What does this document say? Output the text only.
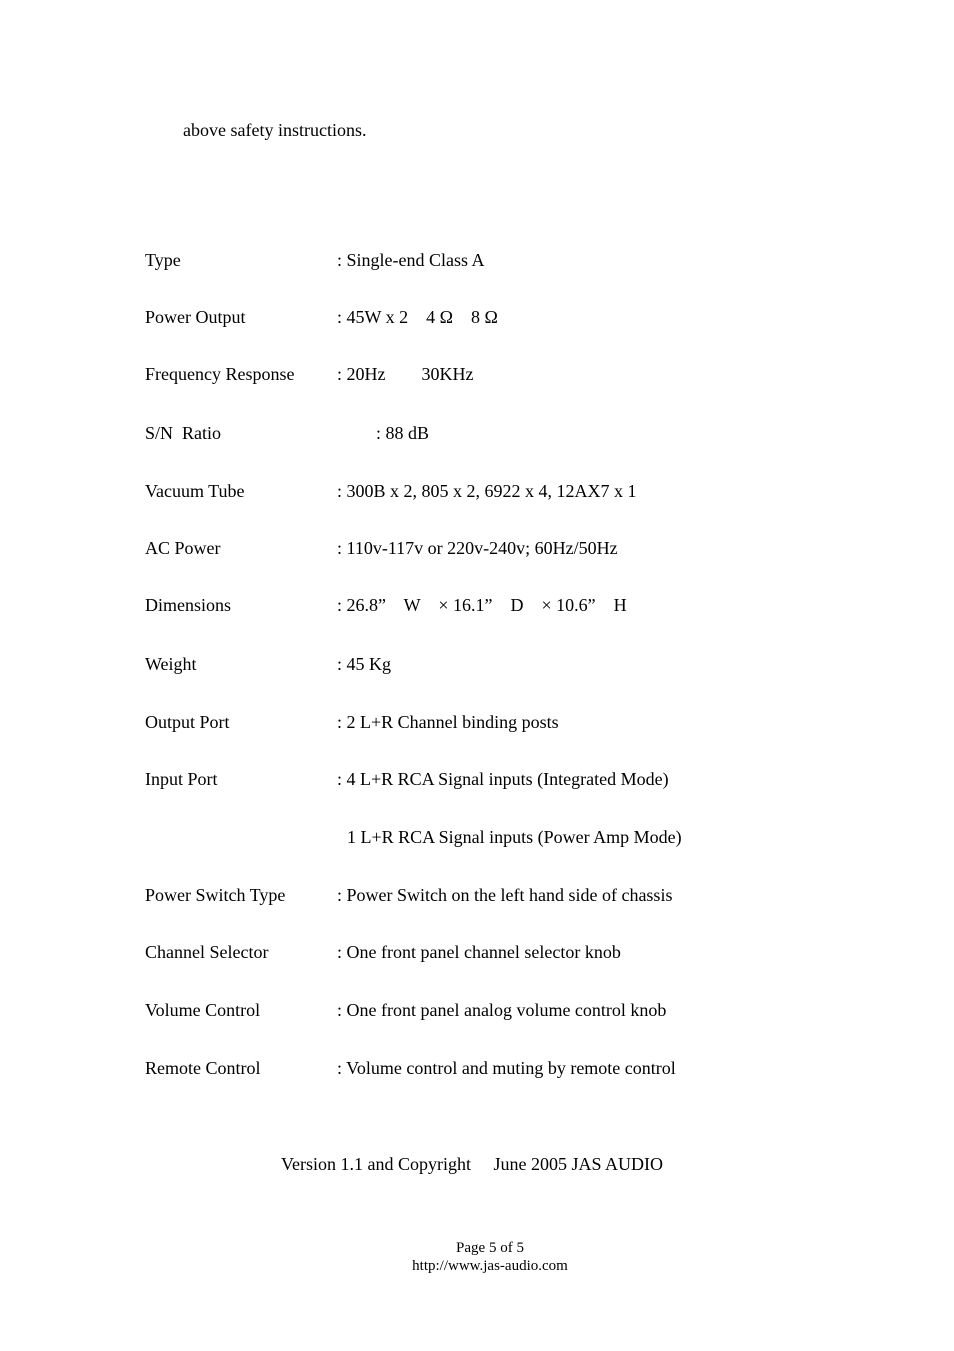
above safety instructions.
Type	: Single-end Class A
Power Output	: 45W x 2    4 Ω    8 Ω
Frequency Response : 20Hz        30KHz
S/N  Ratio	: 88 dB
Vacuum Tube	: 300B x 2, 805 x 2, 6922 x 4, 12AX7 x 1
AC Power	: 110v-117v or 220v-240v; 60Hz/50Hz
Dimensions	: 26.8”    W    × 16.1”    D    × 10.6”    H
Weight	: 45 Kg
Output Port	: 2 L+R Channel binding posts
Input Port	: 4 L+R RCA Signal inputs (Integrated Mode)
1 L+R RCA Signal inputs (Power Amp Mode)
Power Switch Type	: Power Switch on the left hand side of chassis
Channel Selector	: One front panel channel selector knob
Volume Control	: One front panel analog volume control knob
Remote Control	: Volume control and muting by remote control
Version 1.1 and Copyright     June 2005 JAS AUDIO
Page 5 of 5
http://www.jas-audio.com
